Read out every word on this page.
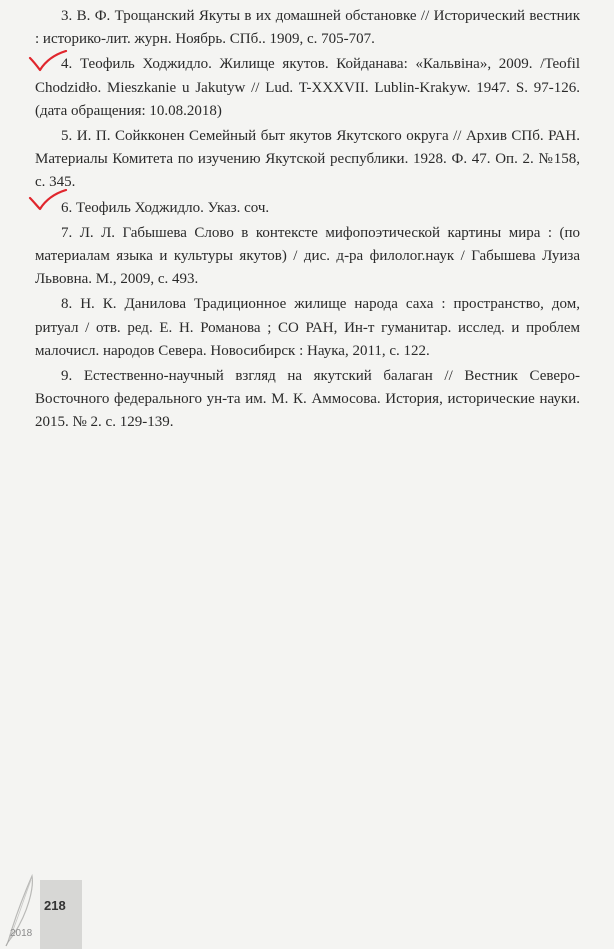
3. В. Ф. Трощанский Якуты в их домашней обстановке // Исторический вестник : историко-лит. журн. Ноябрь. СПб.. 1909, с. 705-707.

4. Теофиль Ходжидло. Жилище якутов. Койданава: «Кальвiна», 2009. /Teofil Chodzidło. Mieszkanie u Jakutyw // Lud. T-XXXVII. Lublin-Krakyw. 1947. S. 97-126. (дата обращения: 10.08.2018)

5. И. П. Сойкконен Семейный быт якутов Якутского округа // Архив СПб. РАН. Материалы Комитета по изучению Якутской республики. 1928. Ф. 47. Оп. 2. №158, с. 345.

6. Теофиль Ходжидло. Указ. соч.

7. Л. Л. Габышева Слово в контексте мифопоэтической картины мира : (по материалам языка и культуры якутов) / дис. д-ра филолог.наук / Габышева Луиза Львовна. М., 2009, с. 493.

8. Н. К. Данилова Традиционное жилище народа саха : пространство, дом, ритуал / отв. ред. Е. Н. Романова ; СО РАН, Ин-т гуманитар. исслед. и проблем малочисл. народов Севера. Новосибирск : Наука, 2011, с. 122.

9. Естественно-научный взгляд на якутский балаган // Вестник Северо-Восточного федерального ун-та им. М. К. Аммосова. История, исторические науки. 2015. № 2. с. 129-139.

2018
218
